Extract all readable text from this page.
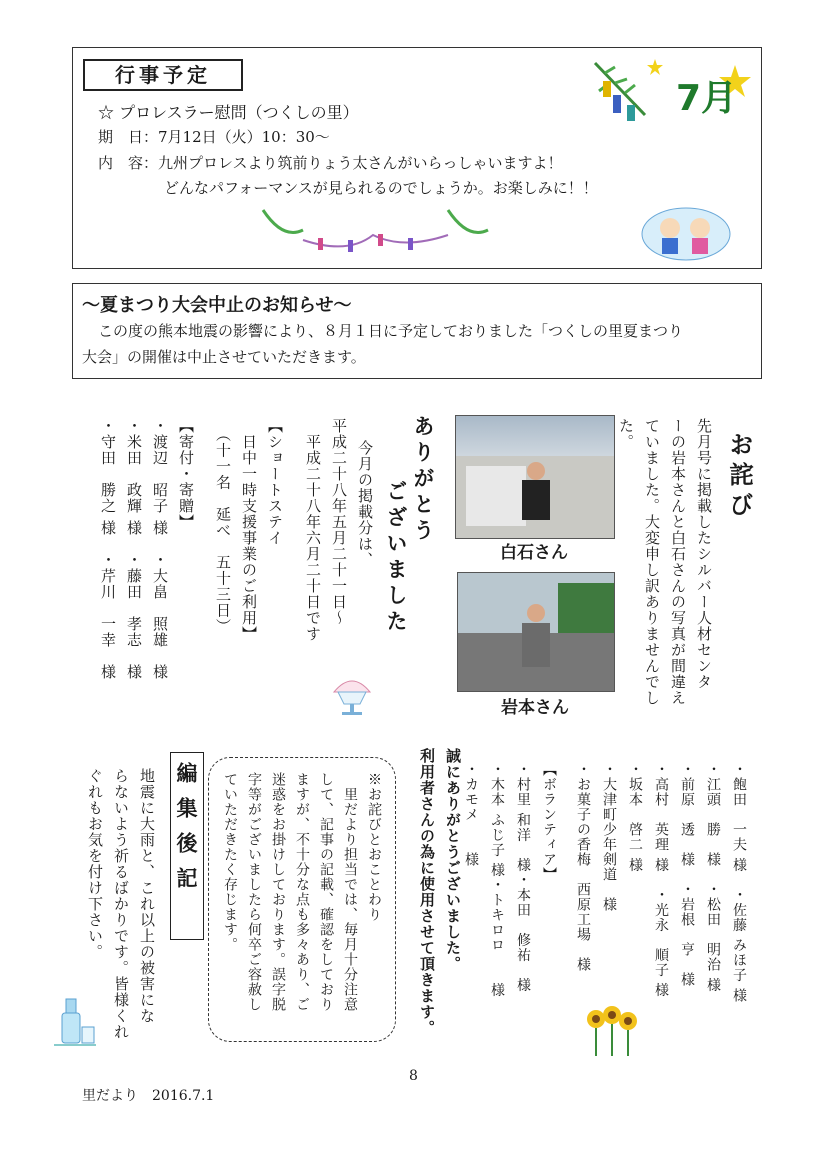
行事予定
☆ プロレスラー慰問（つくしの里）
期　日：7月12日（火）10：30～
内　容：九州プロレスより筑前りょう太さんがいらっしゃいますよ！
どんなパフォーマンスが見られるのでしょうか。お楽しみに！！
7月
～夏まつり大会中止のお知らせ～
この度の熊本地震の影響により、８月１日に予定しておりました「つくしの里夏まつり
大会」の開催は中止させていただきます。
お詫び
先月号に掲載したシルバー人材センタ
ーの岩本さんと白石さんの写真が間違え
ていました。大変申し訳ありませんでし
た。
白石さん
岩本さん
ありがとう
ございました
今月の掲載分は、
平成二十八年五月二十一日～
　平成二十八年六月二十日です
【ショートステイ
　日中一時支援事業のご利用】
　（十一名　延べ　五十三日）
【寄付・寄贈】
・渡辺　昭子 様　・大畠　照雄　様
・米田　政輝 様　・藤田　孝志　様
・守田　勝之 様　・芹川　一幸　様
・飽田　一夫 様　・佐藤 みほ子 様
・江頭　勝　様　・松田　明治 様
・前原　透　様　・岩根　亨　様
・高村　英理 様　・光永　順子 様
・坂本　啓二 様
・大津町少年剣道　様
・お菓子の香梅　西原工場　様
【ボランティア】
・村里 和洋　様・本田　修祐　様
・木本 ふじ子 様・トキロロ　　様
・カモメ　　様
誠にありがとうございました。
利用者さんの為に使用させて頂きます。
※お詫びとおことわり
　里だより担当では、毎月十分注意
して、記事の記載、確認をしており
ますが、不十分な点も多々あり、ご
迷惑をお掛けしております。誤字脱
字等がございましたら何卒ご容赦し
ていただきたく存じます。
編集後記
地震に大雨と、これ以上の被害にな
らないよう祈るばかりです。皆様くれ
ぐれもお気を付け下さい。
8
里だより　2016.7.1
